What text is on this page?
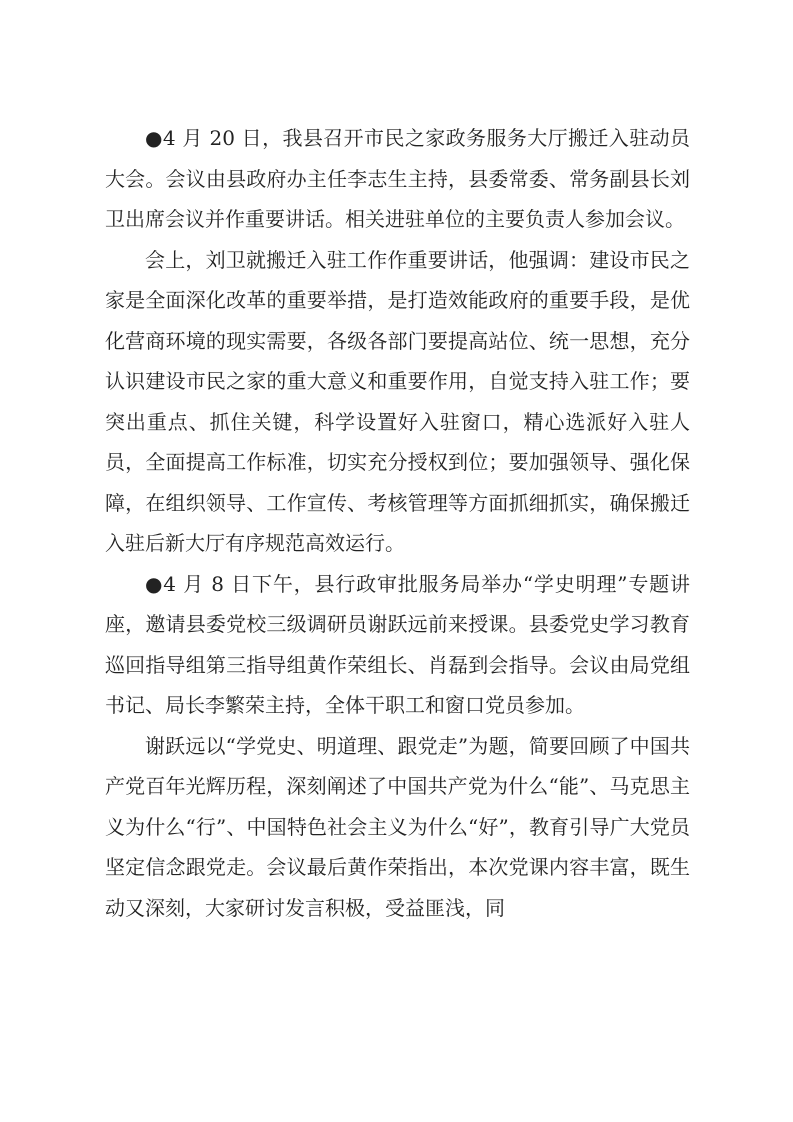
●4 月 20 日，我县召开市民之家政务服务大厅搬迁入驻动员大会。会议由县政府办主任李志生主持，县委常委、常务副县长刘卫出席会议并作重要讲话。相关进驻单位的主要负责人参加会议。

会上，刘卫就搬迁入驻工作作重要讲话，他强调：建设市民之家是全面深化改革的重要举措，是打造效能政府的重要手段，是优化营商环境的现实需要，各级各部门要提高站位、统一思想，充分认识建设市民之家的重大意义和重要作用，自觉支持入驻工作；要突出重点、抓住关键，科学设置好入驻窗口，精心选派好入驻人员，全面提高工作标准，切实充分授权到位；要加强领导、强化保障，在组织领导、工作宣传、考核管理等方面抓细抓实，确保搬迁入驻后新大厅有序规范高效运行。

●4 月 8 日下午，县行政审批服务局举办“学史明理”专题讲座，邀请县委党校三级调研员谢跃远前来授课。县委党史学习教育巡回指导组第三指导组黄作荣组长、肖磊到会指导。会议由局党组书记、局长李繁荣主持，全体干职工和窗口党员参加。

谢跃远以“学党史、明道理、跟党走”为题，简要回顾了中国共产党百年光辉历程，深刻阐述了中国共产党为什么“能”、马克思主义为什么“行”、中国特色社会主义为什么“好”，教育引导广大党员坚定信念跟党走。会议最后黄作荣指出，本次党课内容丰富，既生动又深刻，大家研讨发言积极，受益匪浅，同
